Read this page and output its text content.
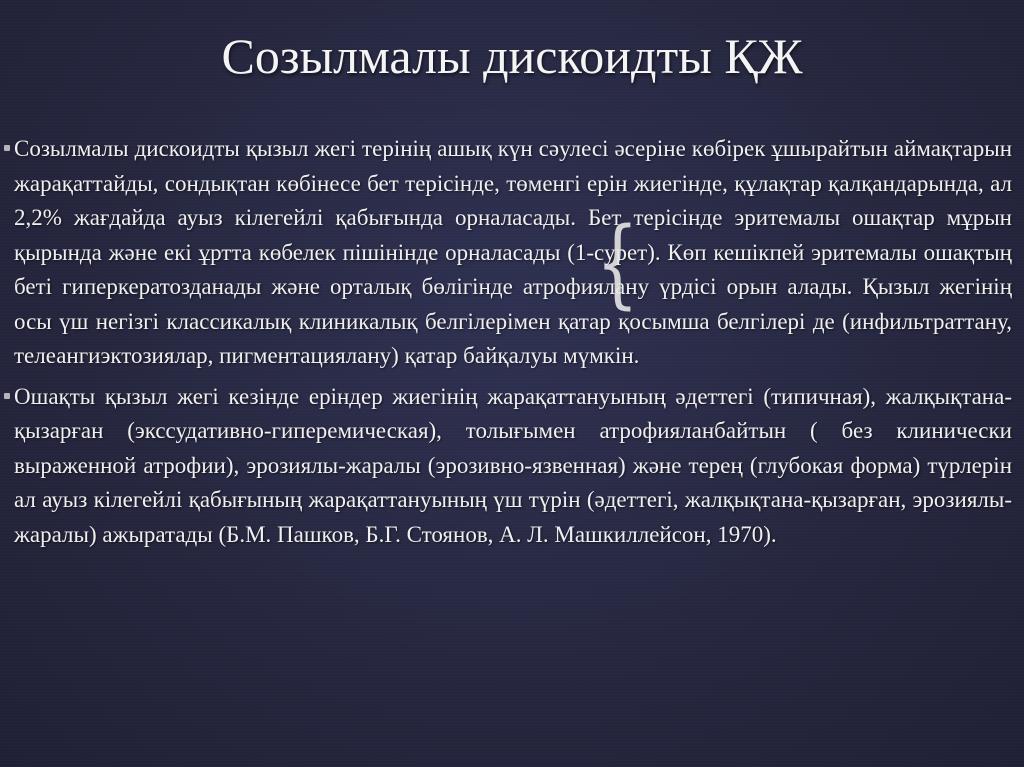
Созылмалы дискоидты ҚЖ

Созылмалы дискоидты қызыл жегі терінің ашық күн сәулесі әсеріне көбірек ұшырайтын аймақтарын жарақаттайды, сондықтан көбінесе бет терісінде, төменгі ерін жиегінде, құлақтар қалқандарында, ал 2,2% жағдайда ауыз кілегейлі қабығында орналасады. Бет терісінде эритемалы ошақтар мұрын қырында және екі ұртта көбелек пішінінде орналасады (1-сурет). Көп кешікпей эритемалы ошақтың беті гиперкератозданады және орталық бөлігінде атрофиялану үрдісі орын алады. Қызыл жегінің осы үш негізгі классикалық клиникалық белгілерімен қатар қосымша белгілері де (инфильтраттану, телеангиэктозиялар, пигментациялану) қатар байқалуы мүмкін.

Ошақты қызыл жегі кезінде еріндер жиегінің жарақаттануының әдеттегі (типичная), жалқықтана-қызарған (экссудативно-гиперемическая), толығымен атрофияланбайтын ( без клинически выраженной атрофии), эрозиялы-жаралы (эрозивно-язвенная) және терең (глубокая форма) түрлерін ал ауыз кілегейлі қабығының жарақаттануының үш түрін (әдеттегі, жалқықтана-қызарған, эрозиялы-жаралы) ажыратады (Б.М. Пашков, Б.Г. Стоянов, А. Л. Машкиллейсон, 1970).

{
